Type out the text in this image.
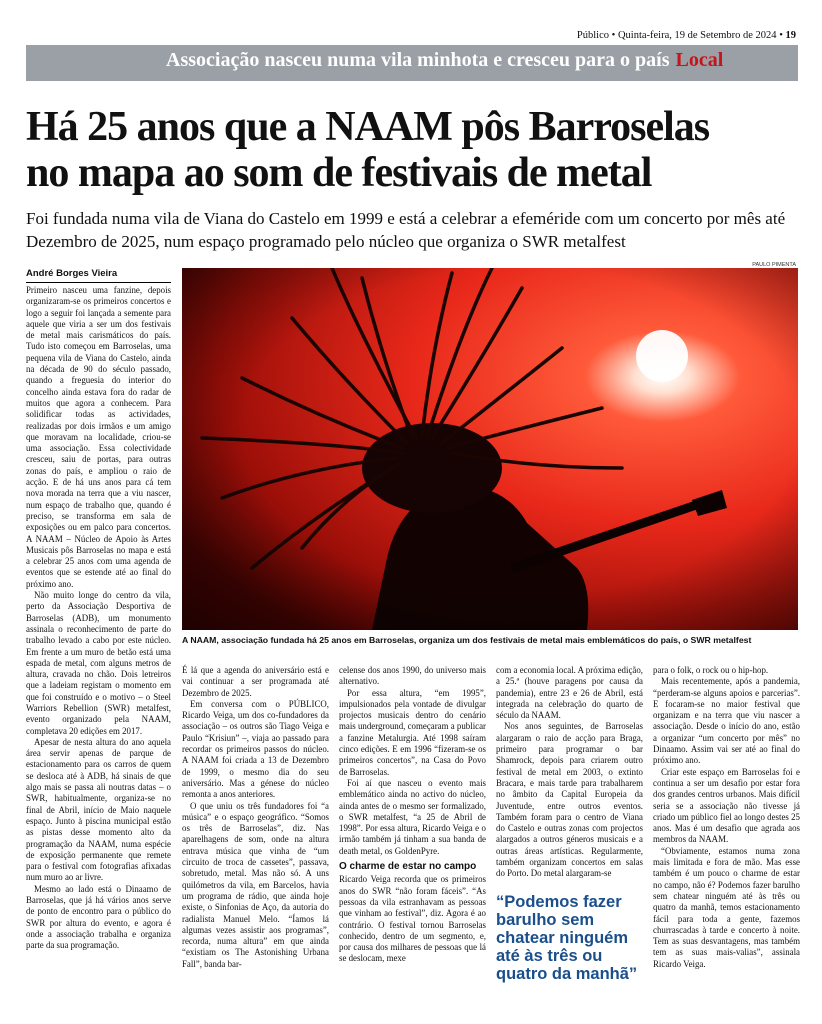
Público • Quinta-feira, 19 de Setembro de 2024 • 19
Associação nasceu numa vila minhota e cresceu para o país Local
Há 25 anos que a NAAM pôs Barroselas
no mapa ao som de festivais de metal
Foi fundada numa vila de Viana do Castelo em 1999 e está a celebrar a efeméride com um concerto por mês até Dezembro de 2025, num espaço programado pelo núcleo que organiza o SWR metalfest
André Borges Vieira
PAULO PIMENTA
A NAAM, associação fundada há 25 anos em Barroselas, organiza um dos festivais de metal mais emblemáticos do país, o SWR metalfest

Primeiro nasceu uma fanzine, depois organizaram-se os primeiros concertos e logo a seguir foi lançada a semente para aquele que viria a ser um dos festivais de metal mais carismáticos do país. Tudo isto começou em Barroselas, uma pequena vila de Viana do Castelo, ainda na década de 90 do século passado, quando a freguesia do interior do concelho ainda estava fora do radar de muitos que agora a conhecem. Para solidificar todas as actividades, realizadas por dois irmãos e um amigo que moravam na localidade, criou-se uma associação. Essa colectividade cresceu, saiu de portas, para outras zonas do país, e ampliou o raio de acção. E de há uns anos para cá tem nova morada na terra que a viu nascer, num espaço de trabalho que, quando é preciso, se transforma em sala de exposições ou em palco para concertos. A NAAM – Núcleo de Apoio às Artes Musicais pôs Barroselas no mapa e está a celebrar 25 anos com uma agenda de eventos que se estende até ao final do próximo ano.

Não muito longe do centro da vila, perto da Associação Desportiva de Barroselas (ADB), um monumento assinala o reconhecimento de parte do trabalho levado a cabo por este núcleo. Em frente a um muro de betão está uma espada de metal, com alguns metros de altura, cravada no chão. Dois letreiros que a ladeiam registam o momento em que foi construído e o motivo – o Steel Warriors Rebellion (SWR) metalfest, evento organizado pela NAAM, completava 20 edições em 2017.

Apesar de nesta altura do ano aquela área servir apenas de parque de estacionamento para os carros de quem se desloca até à ADB, há sinais de que algo mais se passa ali noutras datas – o SWR, habitualmente, organiza-se no final de Abril, início de Maio naquele espaço. Junto à piscina municipal estão as pistas desse momento alto da programação da NAAM, numa espécie de exposição permanente que remete para o festival com fotografias afixadas num muro ao ar livre.

Mesmo ao lado está o Dinaamo de Barroselas, que já há vários anos serve de ponto de encontro para o público do SWR por altura do evento, e agora é onde a associação trabalha e organiza parte da sua programação.

É lá que a agenda do aniversário está e vai continuar a ser programada até Dezembro de 2025.

Em conversa com o PÚBLICO, Ricardo Veiga, um dos co-fundadores da associação – os outros são Tiago Veiga e Paulo “Krisiun” –, viaja ao passado para recordar os primeiros passos do núcleo. A NAAM foi criada a 13 de Dezembro de 1999, o mesmo dia do seu aniversário. Mas a génese do núcleo remonta a anos anteriores.

O que uniu os três fundadores foi “a música” e o espaço geográfico. “Somos os três de Barroselas”, diz. Nas aparelhagens de som, onde na altura entrava música que vinha de “um circuito de troca de cassetes”, passava, sobretudo, metal. Mas não só. A uns quilómetros da vila, em Barcelos, havia um programa de rádio, que ainda hoje existe, o Sinfonias de Aço, da autoria do radialista Manuel Melo. “Íamos lá algumas vezes assistir aos programas”, recorda, numa altura” em que ainda “existiam os The Astonishing Urbana Fall”, banda bar-

celense dos anos 1990, do universo mais alternativo.

Por essa altura, “em 1995”, impulsionados pela vontade de divulgar projectos musicais dentro do cenário mais underground, começaram a publicar a fanzine Metalurgia. Até 1998 saíram cinco edições. E em 1996 “fizeram-se os primeiros concertos”, na Casa do Povo de Barroselas.

Foi aí que nasceu o evento mais emblemático ainda no activo do núcleo, ainda antes de o mesmo ser formalizado, o SWR metalfest, “a 25 de Abril de 1998”. Por essa altura, Ricardo Veiga e o irmão também já tinham a sua banda de death metal, os GoldenPyre.

O charme de estar no campo

Ricardo Veiga recorda que os primeiros anos do SWR “não foram fáceis”. “As pessoas da vila estranhavam as pessoas que vinham ao festival”, diz. Agora é ao contrário. O festival tornou Barroselas conhecido, dentro de um segmento, e, por causa dos milhares de pessoas que lá se deslocam, mexe

com a economia local. A próxima edição, a 25.ª (houve paragens por causa da pandemia), entre 23 e 26 de Abril, está integrada na celebração do quarto de século da NAAM.

Nos anos seguintes, de Barroselas alargaram o raio de acção para Braga, primeiro para programar o bar Shamrock, depois para criarem outro festival de metal em 2003, o extinto Bracara, e mais tarde para trabalharem no âmbito da Capital Europeia da Juventude, entre outros eventos. Também foram para o centro de Viana do Castelo e outras zonas com projectos alargados a outros géneros musicais e a outras áreas artísticas. Regularmente, também organizam concertos em salas do Porto. Do metal alargaram-se

“Podemos fazer barulho sem chatear ninguém até às três ou quatro da manhã”

para o folk, o rock ou o hip-hop.

Mais recentemente, após a pandemia, “perderam-se alguns apoios e parcerias”. E focaram-se no maior festival que organizam e na terra que viu nascer a associação. Desde o início do ano, estão a organizar “um concerto por mês” no Dinaamo. Assim vai ser até ao final do próximo ano.

Criar este espaço em Barroselas foi e continua a ser um desafio por estar fora dos grandes centros urbanos. Mais difícil seria se a associação não tivesse já criado um público fiel ao longo destes 25 anos. Mas é um desafio que agrada aos membros da NAAM.

“Obviamente, estamos numa zona mais limitada e fora de mão. Mas esse também é um pouco o charme de estar no campo, não é? Podemos fazer barulho sem chatear ninguém até às três ou quatro da manhã, temos estacionamento fácil para toda a gente, fazemos churrascadas à tarde e concerto à noite. Tem as suas desvantagens, mas também tem as suas mais-valias”, assinala Ricardo Veiga.
